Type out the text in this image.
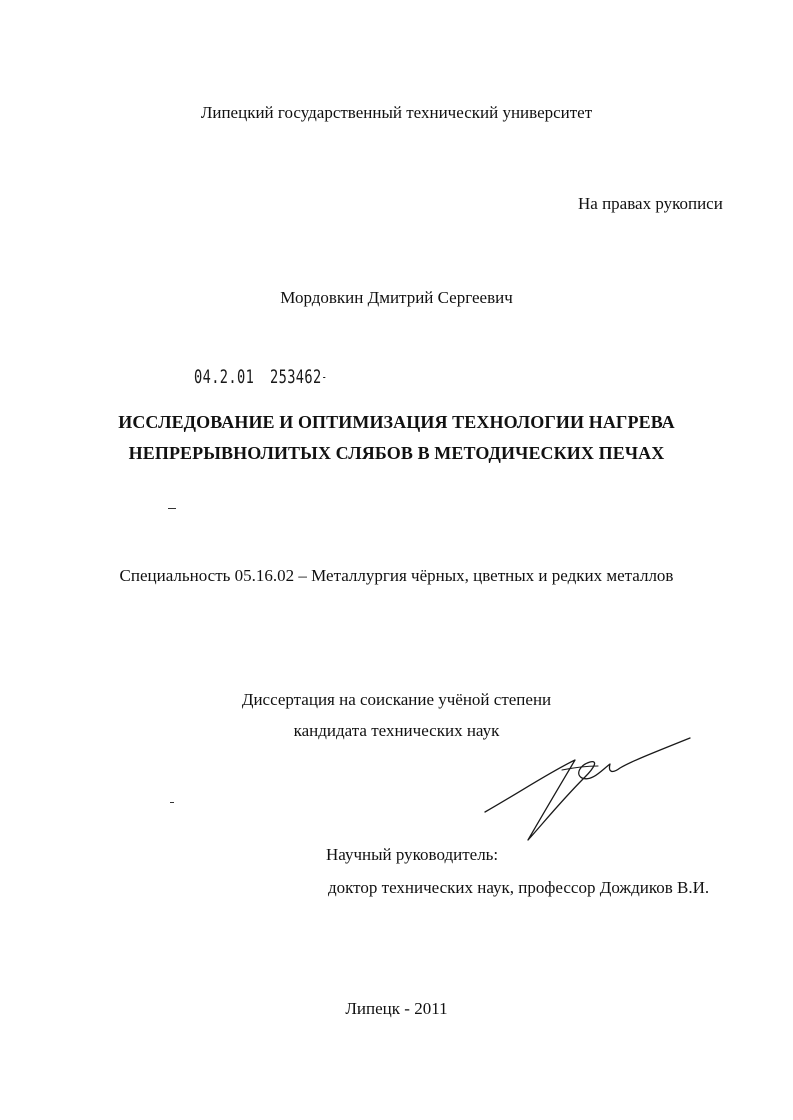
Липецкий государственный технический университет
На правах рукописи
Мордовкин Дмитрий Сергеевич
04.2.01 253462-
ИССЛЕДОВАНИЕ И ОПТИМИЗАЦИЯ ТЕХНОЛОГИИ НАГРЕВА
НЕПРЕРЫВНОЛИТЫХ СЛЯБОВ В МЕТОДИЧЕСКИХ ПЕЧАХ
Специальность 05.16.02 – Металлургия чёрных, цветных и редких металлов
Диссертация на соискание учёной степени
кандидата технических наук
Научный руководитель:
доктор технических наук, профессор Дождиков В.И.
Липецк - 2011
